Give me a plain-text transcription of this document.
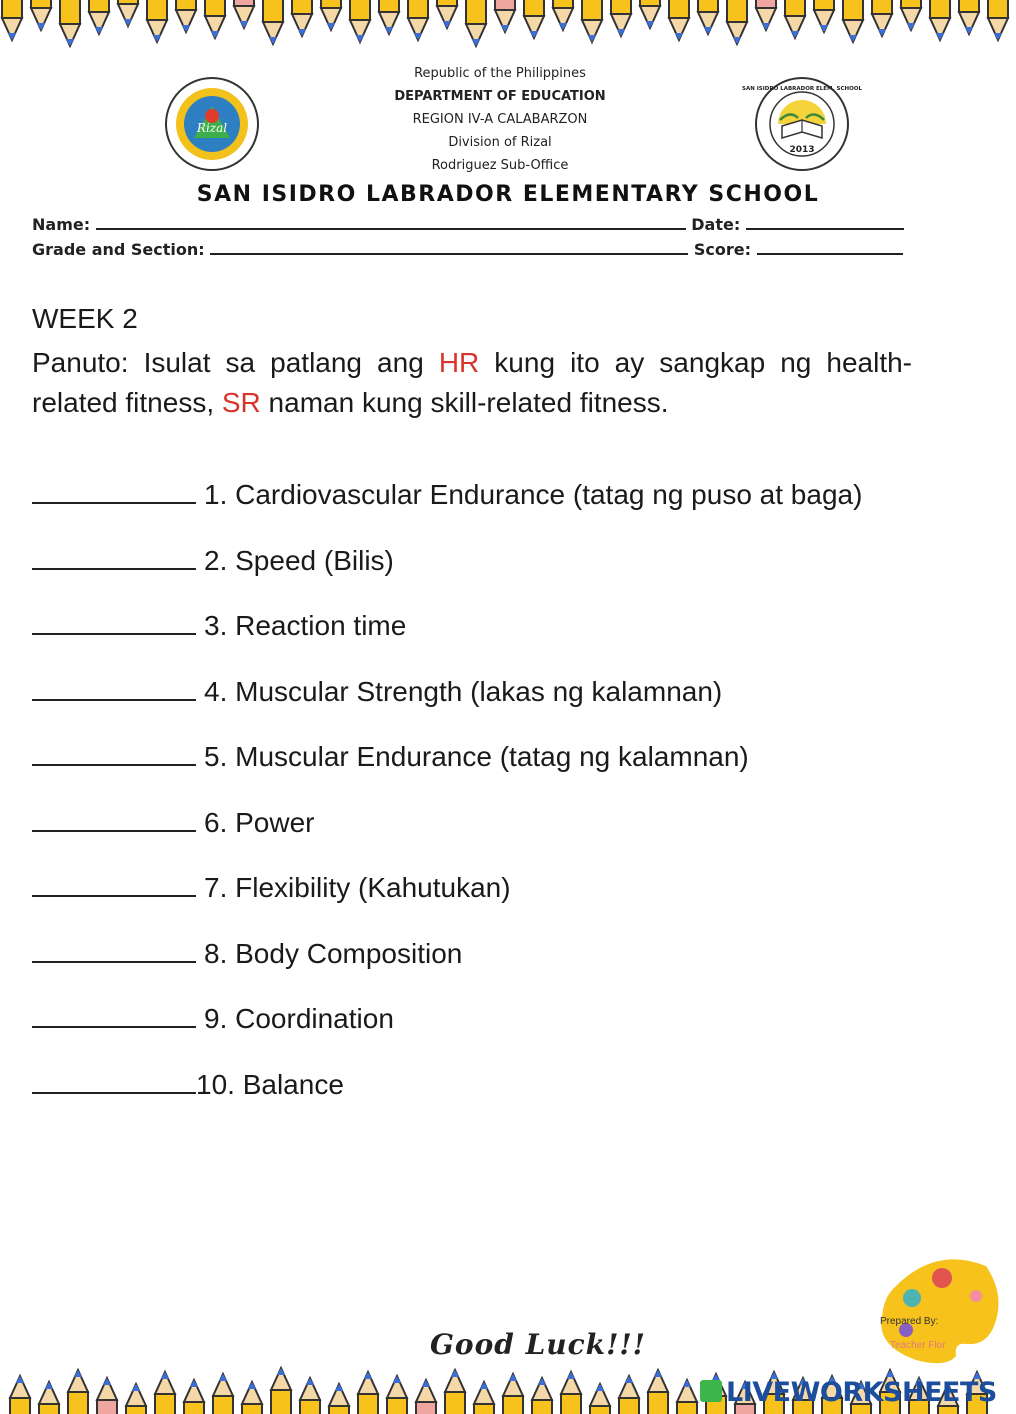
Rizal
2013
SAN ISIDRO LABRADOR ELEM. SCHOOL
Republic of the Philippines
DEPARTMENT OF EDUCATION
REGION IV-A CALABARZON
Division of Rizal
Rodriguez Sub-Office
SAN ISIDRO LABRADOR ELEMENTARY SCHOOL
Name:	Date:
Grade and Section:	Score:
WEEK 2
Panuto: Isulat sa patlang ang HR kung ito ay sangkap ng health-related fitness, SR naman kung skill-related fitness.
1. Cardiovascular Endurance (tatag ng puso at baga)
2. Speed (Bilis)
3. Reaction time
4. Muscular Strength (lakas ng kalamnan)
5. Muscular Endurance (tatag ng kalamnan)
6. Power
7. Flexibility (Kahutukan)
8. Body Composition
9. Coordination
10. Balance
Prepared By:
Teacher Flor
Good Luck!!!
LIVEWORKSHEETS
